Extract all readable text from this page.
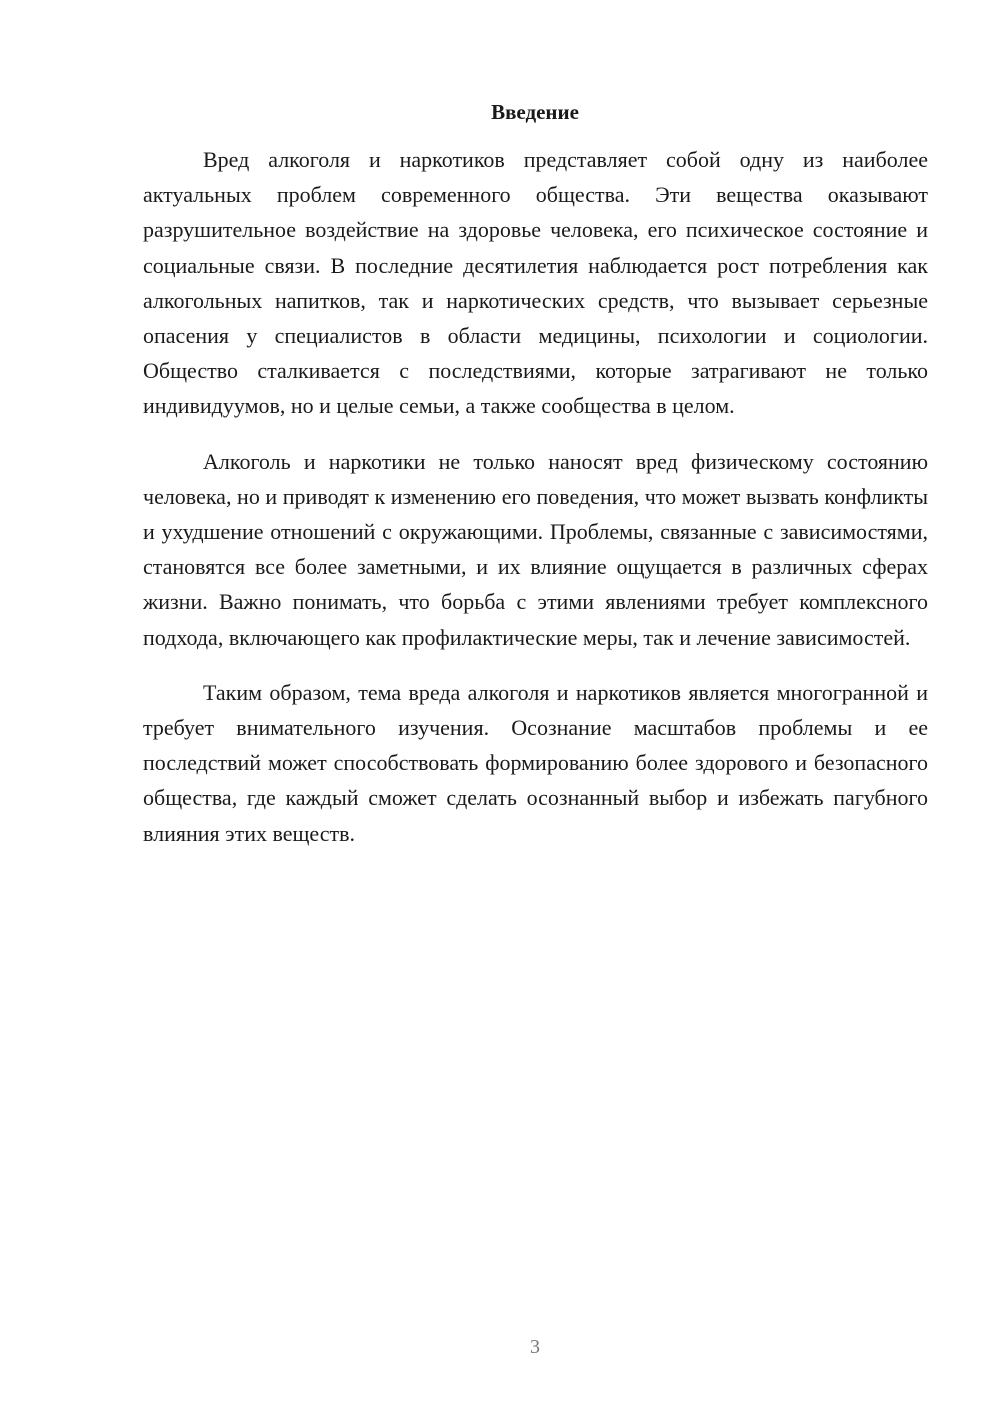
Введение

Вред алкоголя и наркотиков представляет собой одну из наиболее актуальных проблем современного общества. Эти вещества оказывают разрушительное воздействие на здоровье человека, его психическое состояние и социальные связи. В последние десятилетия наблюдается рост потребления как алкогольных напитков, так и наркотических средств, что вызывает серьезные опасения у специалистов в области медицины, психологии и социологии. Общество сталкивается с последствиями, которые затрагивают не только индивидуумов, но и целые семьи, а также сообщества в целом.

Алкоголь и наркотики не только наносят вред физическому состоянию человека, но и приводят к изменению его поведения, что может вызвать конфликты и ухудшение отношений с окружающими. Проблемы, связанные с зависимостями, становятся все более заметными, и их влияние ощущается в различных сферах жизни. Важно понимать, что борьба с этими явлениями требует комплексного подхода, включающего как профилактические меры, так и лечение зависимостей.

Таким образом, тема вреда алкоголя и наркотиков является многогранной и требует внимательного изучения. Осознание масштабов проблемы и ее последствий может способствовать формированию более здорового и безопасного общества, где каждый сможет сделать осознанный выбор и избежать пагубного влияния этих веществ.

3
